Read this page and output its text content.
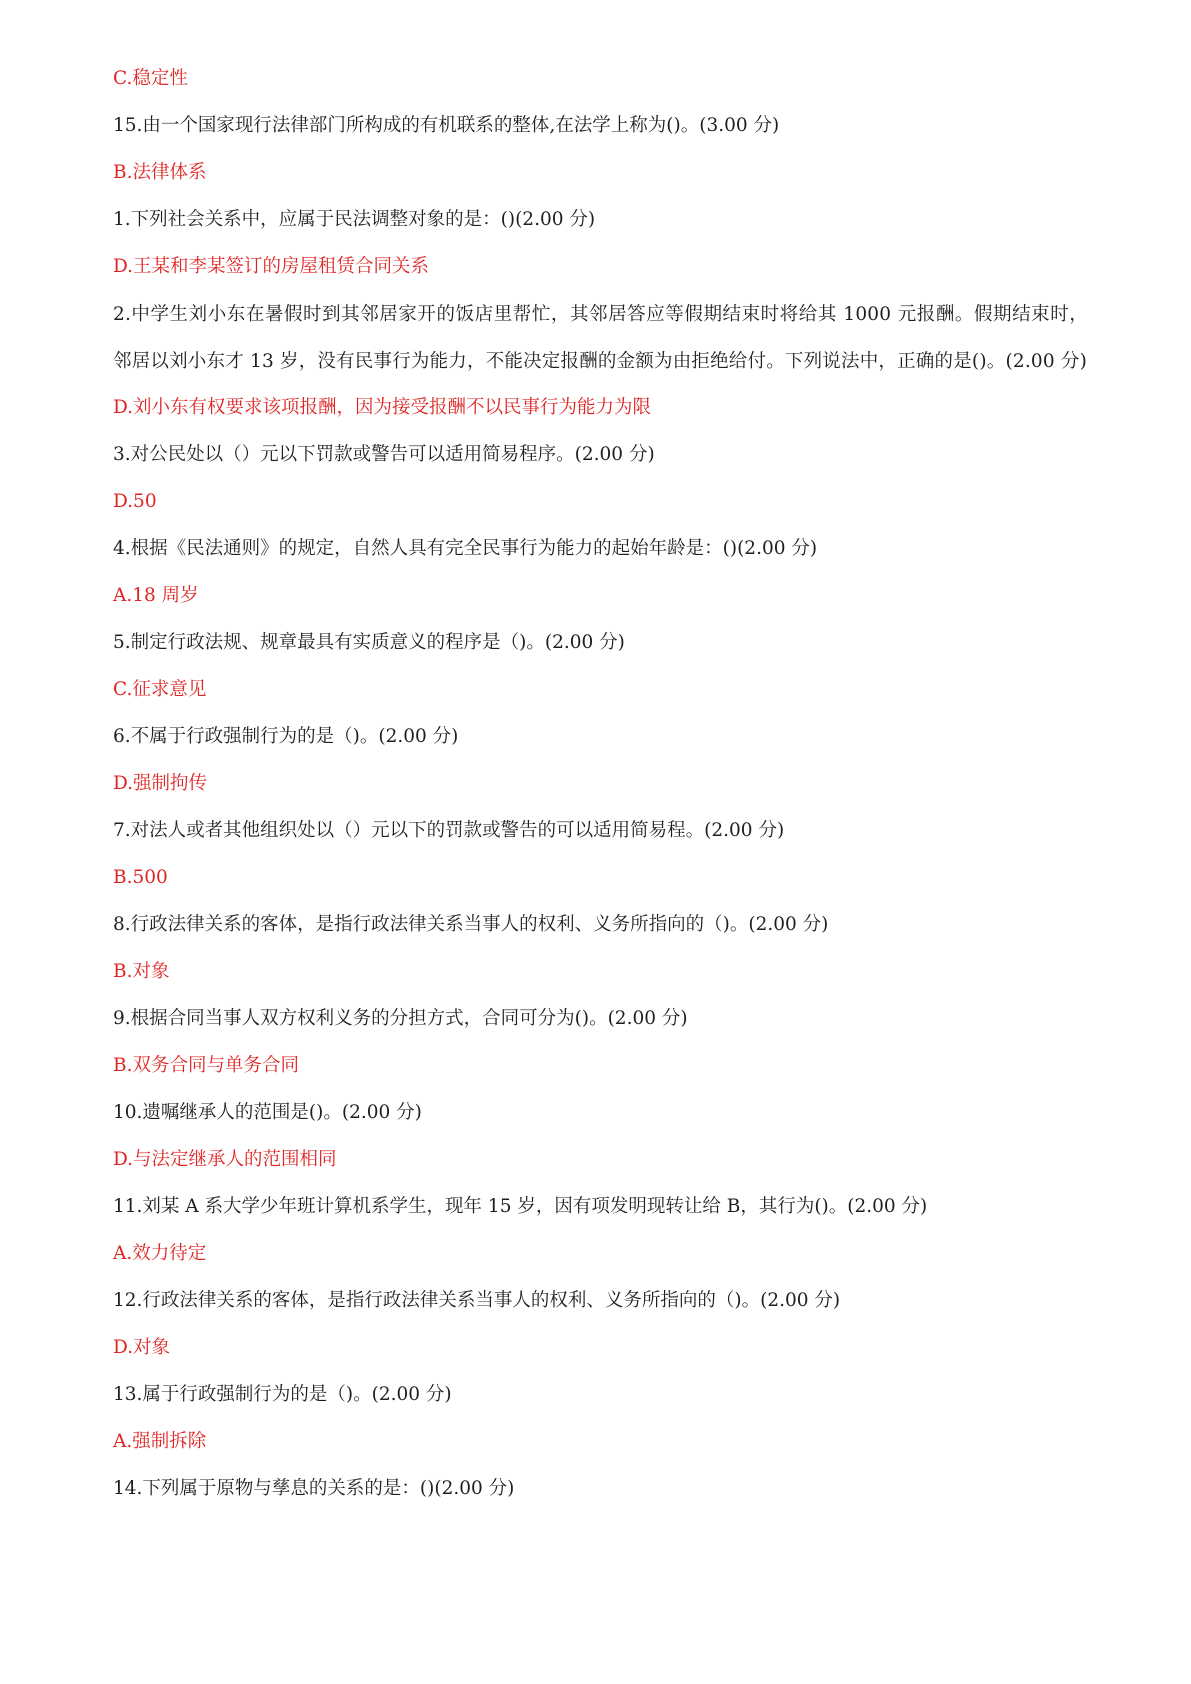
C.稳定性
15.由一个国家现行法律部门所构成的有机联系的整体,在法学上称为()。(3.00 分)
B.法律体系
1.下列社会关系中，应属于民法调整对象的是：()(2.00 分)
D.王某和李某签订的房屋租赁合同关系
2.中学生刘小东在暑假时到其邻居家开的饭店里帮忙，其邻居答应等假期结束时将给其 1000 元报酬。假期结束时，邻居以刘小东才 13 岁，没有民事行为能力，不能决定报酬的金额为由拒绝给付。下列说法中，正确的是()。(2.00 分)
D.刘小东有权要求该项报酬，因为接受报酬不以民事行为能力为限
3.对公民处以（）元以下罚款或警告可以适用简易程序。(2.00 分)
D.50
4.根据《民法通则》的规定，自然人具有完全民事行为能力的起始年龄是：()(2.00 分)
A.18 周岁
5.制定行政法规、规章最具有实质意义的程序是（)。(2.00 分)
C.征求意见
6.不属于行政强制行为的是（)。(2.00 分)
D.强制拘传
7.对法人或者其他组织处以（）元以下的罚款或警告的可以适用简易程。(2.00 分)
B.500
8.行政法律关系的客体，是指行政法律关系当事人的权利、义务所指向的（)。(2.00 分)
B.对象
9.根据合同当事人双方权利义务的分担方式，合同可分为()。(2.00 分)
B.双务合同与单务合同
10.遗嘱继承人的范围是()。(2.00 分)
D.与法定继承人的范围相同
11.刘某 A 系大学少年班计算机系学生，现年 15 岁，因有项发明现转让给 B，其行为()。(2.00 分)
A.效力待定
12.行政法律关系的客体，是指行政法律关系当事人的权利、义务所指向的（)。(2.00 分)
D.对象
13.属于行政强制行为的是（)。(2.00 分)
A.强制拆除
14.下列属于原物与孳息的关系的是：()(2.00 分)
